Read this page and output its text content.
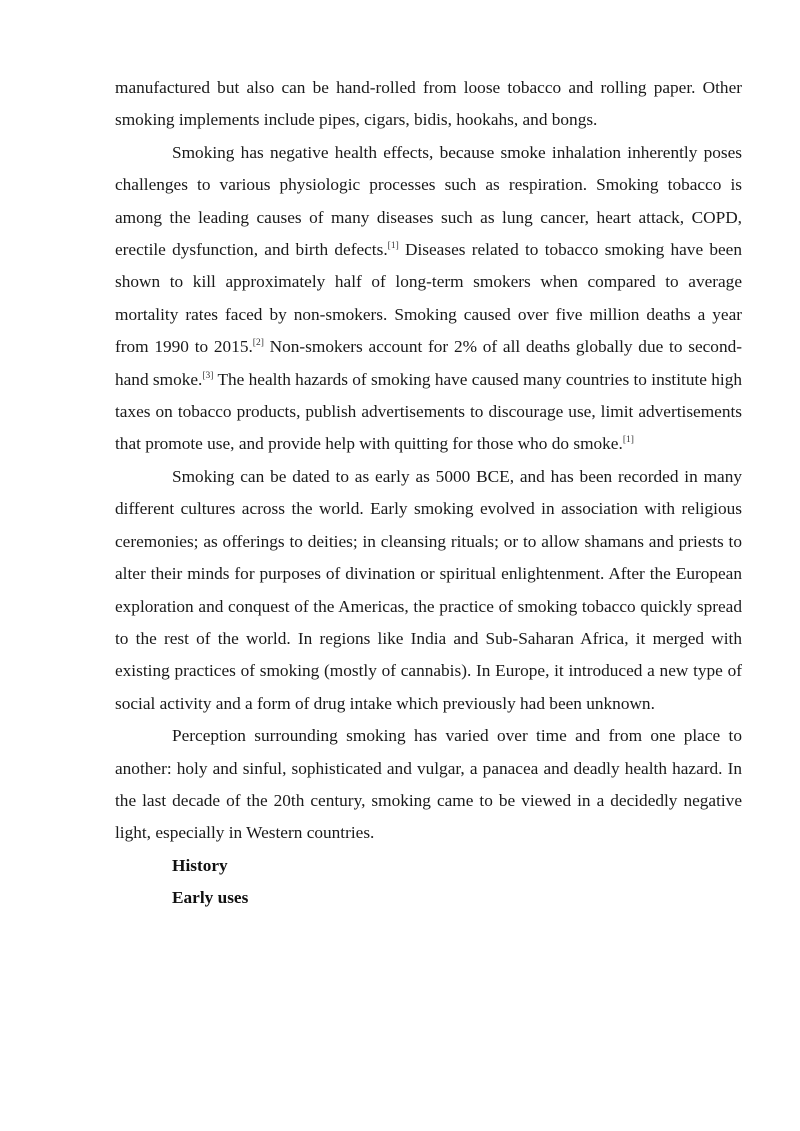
manufactured but also can be hand-rolled from loose tobacco and rolling paper. Other smoking implements include pipes, cigars, bidis, hookahs, and bongs.

Smoking has negative health effects, because smoke inhalation inherently poses challenges to various physiologic processes such as respiration. Smoking tobacco is among the leading causes of many diseases such as lung cancer, heart attack, COPD, erectile dysfunction, and birth defects.[1] Diseases related to tobacco smoking have been shown to kill approximately half of long-term smokers when compared to average mortality rates faced by non-smokers. Smoking caused over five million deaths a year from 1990 to 2015.[2] Non-smokers account for 2% of all deaths globally due to second-hand smoke.[3] The health hazards of smoking have caused many countries to institute high taxes on tobacco products, publish advertisements to discourage use, limit advertisements that promote use, and provide help with quitting for those who do smoke.[1]

Smoking can be dated to as early as 5000 BCE, and has been recorded in many different cultures across the world. Early smoking evolved in association with religious ceremonies; as offerings to deities; in cleansing rituals; or to allow shamans and priests to alter their minds for purposes of divination or spiritual enlightenment. After the European exploration and conquest of the Americas, the practice of smoking tobacco quickly spread to the rest of the world. In regions like India and Sub-Saharan Africa, it merged with existing practices of smoking (mostly of cannabis). In Europe, it introduced a new type of social activity and a form of drug intake which previously had been unknown.

Perception surrounding smoking has varied over time and from one place to another: holy and sinful, sophisticated and vulgar, a panacea and deadly health hazard. In the last decade of the 20th century, smoking came to be viewed in a decidedly negative light, especially in Western countries.

History

Early uses
